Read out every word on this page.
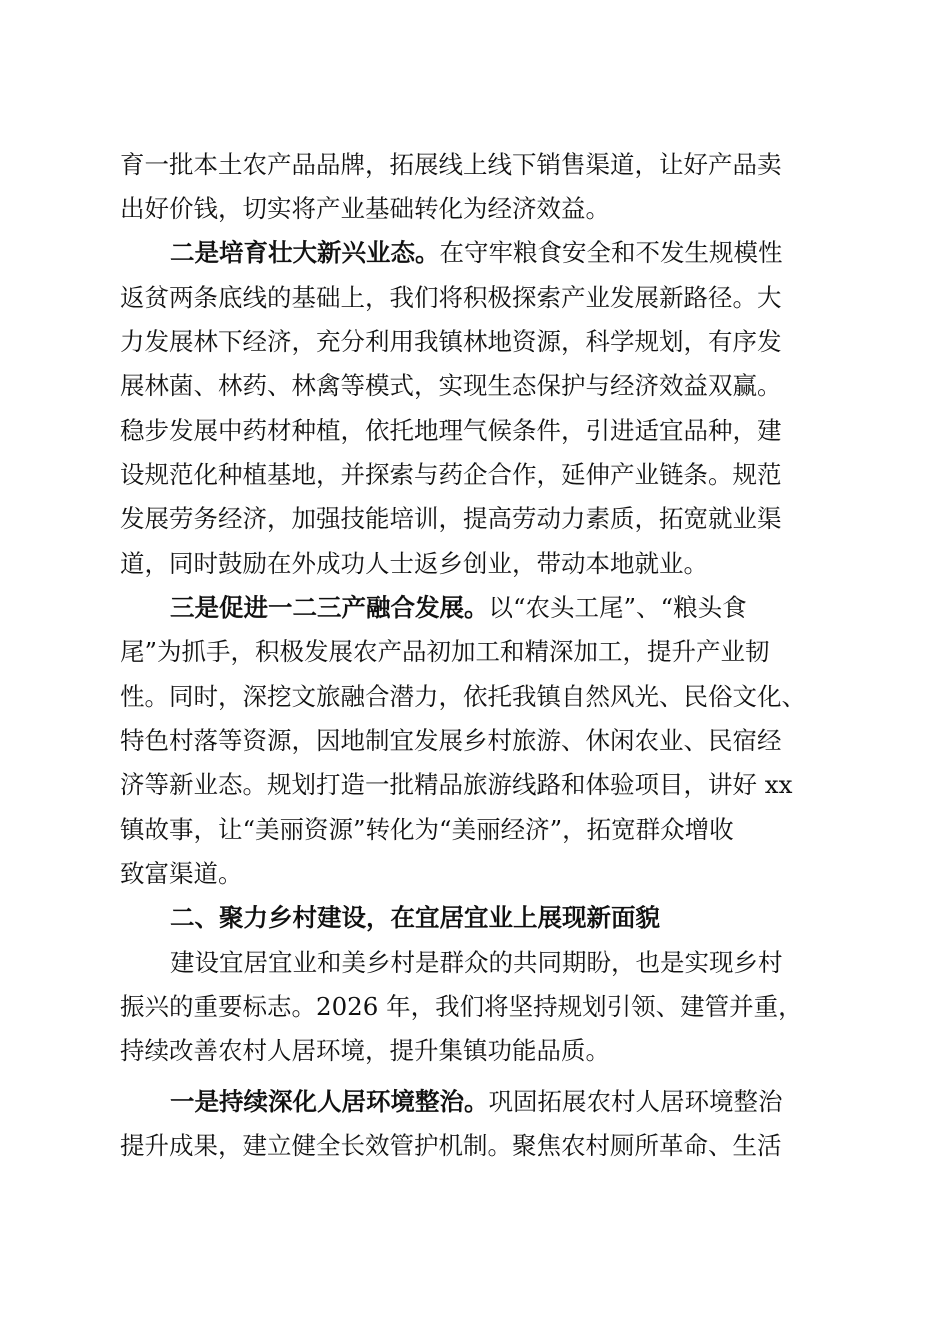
育一批本土农产品品牌，拓展线上线下销售渠道，让好产品卖
出好价钱，切实将产业基础转化为经济效益。
二是培育壮大新兴业态。在守牢粮食安全和不发生规模性
返贫两条底线的基础上，我们将积极探索产业发展新路径。大
力发展林下经济，充分利用我镇林地资源，科学规划，有序发
展林菌、林药、林禽等模式，实现生态保护与经济效益双赢。
稳步发展中药材种植，依托地理气候条件，引进适宜品种，建
设规范化种植基地，并探索与药企合作，延伸产业链条。规范
发展劳务经济，加强技能培训，提高劳动力素质，拓宽就业渠
道，同时鼓励在外成功人士返乡创业，带动本地就业。
三是促进一二三产融合发展。以“农头工尾”、“粮头食
尾”为抓手，积极发展农产品初加工和精深加工，提升产业韧
性。同时，深挖文旅融合潜力，依托我镇自然风光、民俗文化、
特色村落等资源，因地制宜发展乡村旅游、休闲农业、民宿经
济等新业态。规划打造一批精品旅游线路和体验项目，讲好 xx
镇故事，让“美丽资源”转化为“美丽经济”，拓宽群众增收
致富渠道。
二、聚力乡村建设，在宜居宜业上展现新面貌
建设宜居宜业和美乡村是群众的共同期盼，也是实现乡村
振兴的重要标志。2026 年，我们将坚持规划引领、建管并重，
持续改善农村人居环境，提升集镇功能品质。
一是持续深化人居环境整治。巩固拓展农村人居环境整治
提升成果，建立健全长效管护机制。聚焦农村厕所革命、生活
